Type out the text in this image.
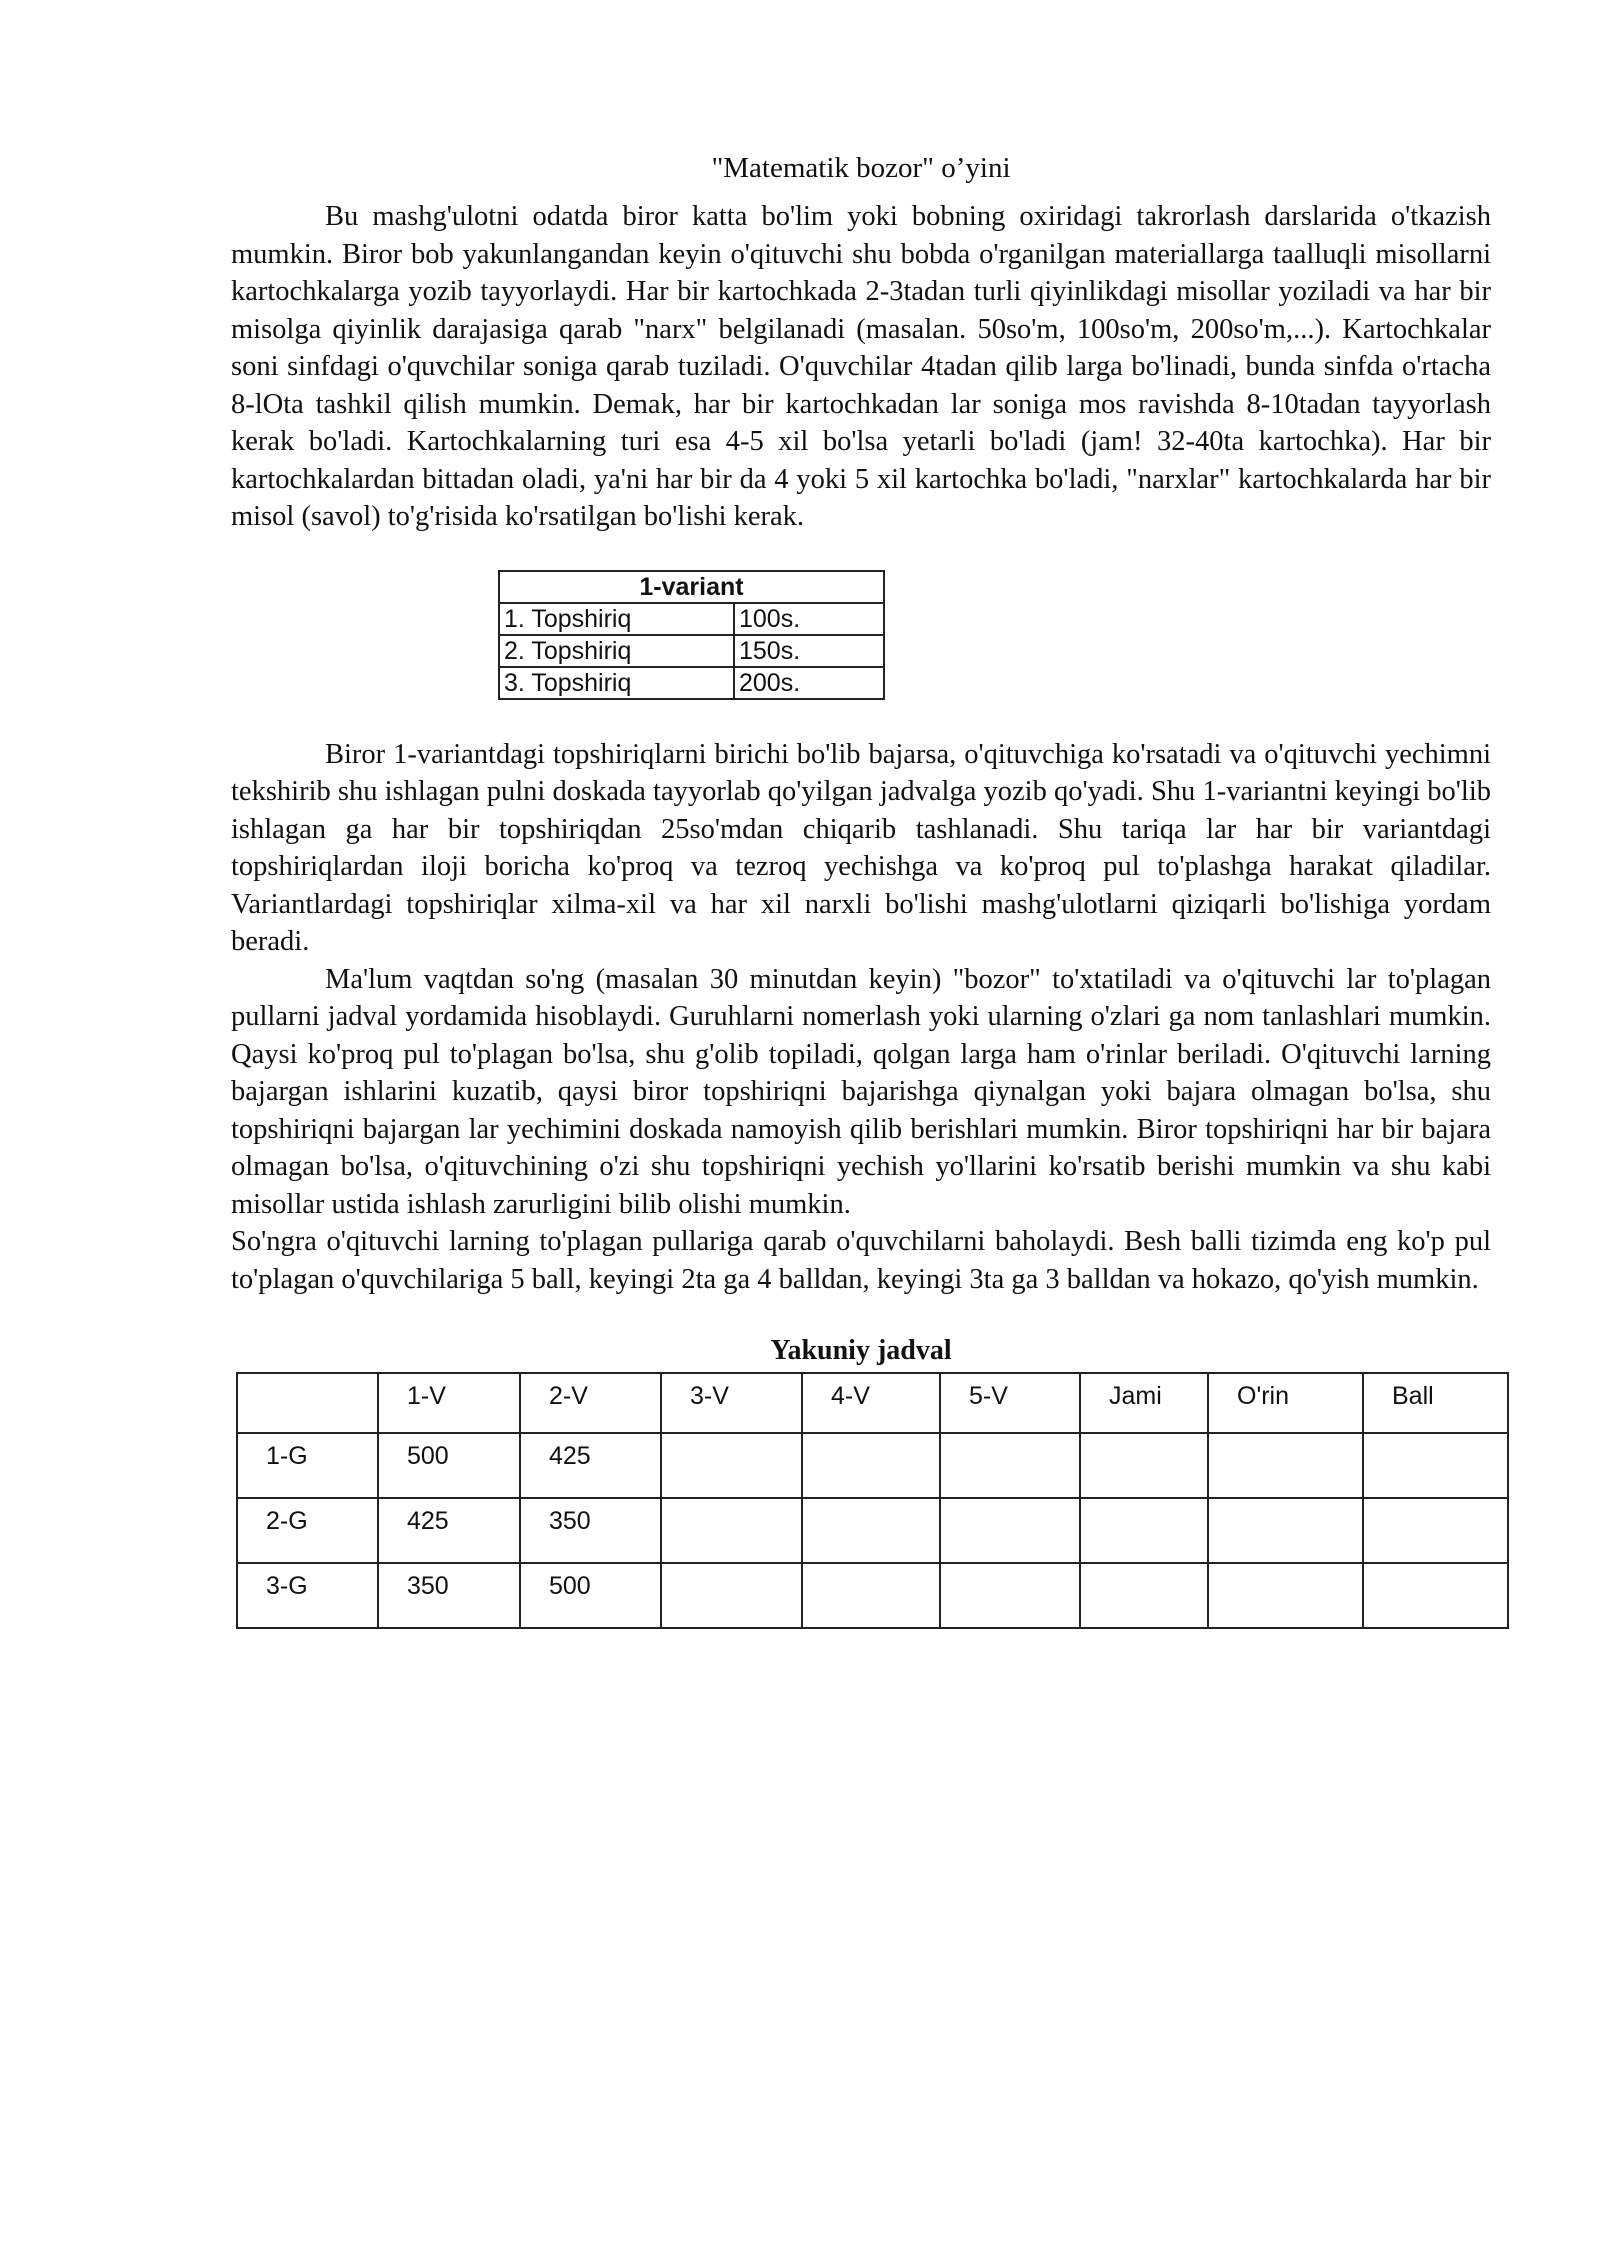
"Matematik bozor" o’yini

Bu mashg'ulotni odatda biror katta bo'lim yoki bobning oxiridagi takrorlash darslarida o'tkazish mumkin. Biror bob yakunlangandan keyin o'qituvchi shu bobda o'rganilgan materiallarga taalluqli misollarni kartochkalarga yozib tayyorlaydi. Har bir kartochkada 2-3tadan turli qiyinlikdagi misollar yoziladi va har bir misolga qiyinlik darajasiga qarab "narx" belgilanadi (masalan. 50so'm, 100so'm, 200so'm,...). Kartochkalar soni sinfdagi o'quvchilar soniga qarab tuziladi. O'quvchilar 4tadan qilib larga bo'linadi, bunda sinfda o'rtacha 8-lOta tashkil qilish mumkin. Demak, har bir kartochkadan lar soniga mos ravishda 8-10tadan tayyorlash kerak bo'ladi. Kartochkalarning turi esa 4-5 xil bo'lsa yetarli bo'ladi (jam! 32-40ta kartochka). Har bir kartochkalardan bittadan oladi, ya'ni har bir da 4 yoki 5 xil kartochka bo'ladi, "narxlar" kartochkalarda har bir misol (savol) to'g'risida ko'rsatilgan bo'lishi kerak.

1-variant	
1. Topshiriq	100s.
2. Topshiriq	150s.
3. Topshiriq	200s.

Biror 1-variantdagi topshiriqlarni birichi bo'lib bajarsa, o'qituvchiga ko'rsatadi va o'qituvchi yechimni tekshirib shu ishlagan pulni doskada tayyorlab qo'yilgan jadvalga yozib qo'yadi. Shu 1-variantni keyingi bo'lib ishlagan ga har bir topshiriqdan 25so'mdan chiqarib tashlanadi. Shu tariqa lar har bir variantdagi topshiriqlardan iloji boricha ko'proq va tezroq yechishga va ko'proq pul to'plashga harakat qiladilar. Variantlardagi topshiriqlar xilma-xil va har xil narxli bo'lishi mashg'ulotlarni qiziqarli bo'lishiga yordam beradi.

Ma'lum vaqtdan so'ng (masalan 30 minutdan keyin) "bozor" to'xtatiladi va o'qituvchi lar to'plagan pullarni jadval yordamida hisoblaydi. Guruhlarni nomerlash yoki ularning o'zlari ga nom tanlashlari mumkin. Qaysi ko'proq pul to'plagan bo'lsa, shu g'olib topiladi, qolgan larga ham o'rinlar beriladi. O'qituvchi larning bajargan ishlarini kuzatib, qaysi biror topshiriqni bajarishga qiynalgan yoki bajara olmagan bo'lsa, shu topshiriqni bajargan lar yechimini doskada namoyish qilib berishlari mumkin. Biror topshiriqni har bir bajara olmagan bo'lsa, o'qituvchining o'zi shu topshiriqni yechish yo'llarini ko'rsatib berishi mumkin va shu kabi misollar ustida ishlash zarurligini bilib olishi mumkin.

So'ngra o'qituvchi larning to'plagan pullariga qarab o'quvchilarni baholaydi. Besh balli tizimda eng ko'p pul to'plagan o'quvchilariga 5 ball, keyingi 2ta ga 4 balldan, keyingi 3ta ga 3 balldan va hokazo, qo'yish mumkin.

Yakuniy jadval

	1-V	2-V	3-V	4-V	5-V	Jami	O'rin	Ball
1-G	500	425						
2-G	425	350						
3-G	350	500						
